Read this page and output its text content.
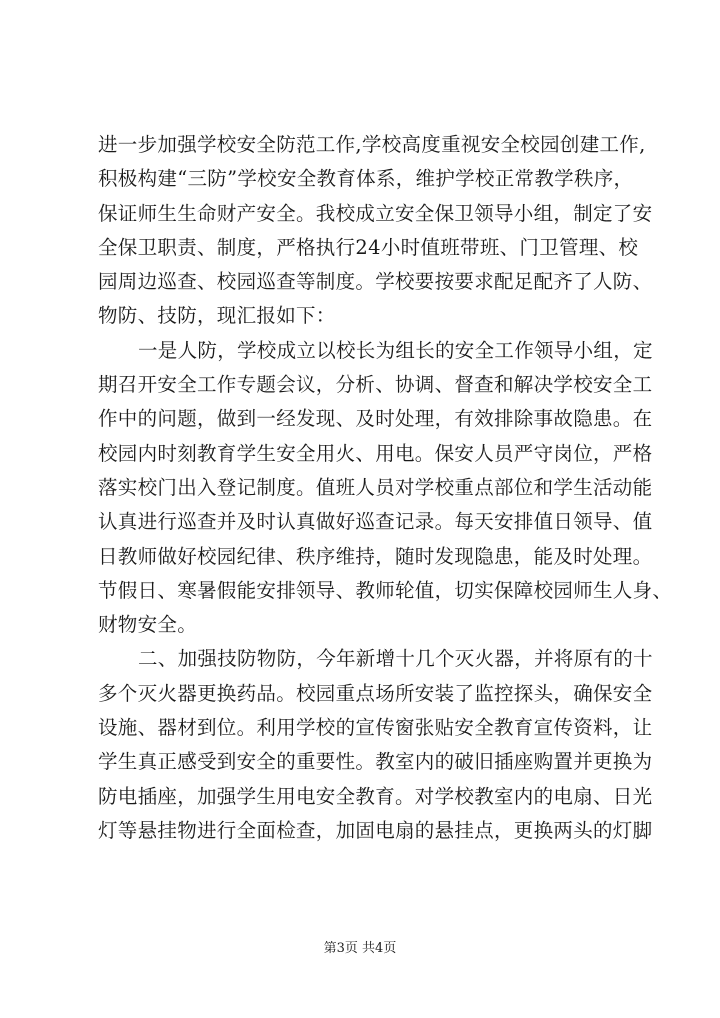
进一步加强学校安全防范工作,学校高度重视安全校园创建工作,
积极构建“三防”学校安全教育体系，维护学校正常教学秩序，
保证师生生命财产安全。我校成立安全保卫领导小组，制定了安
全保卫职责、制度，严格执行24小时值班带班、门卫管理、校
园周边巡查、校园巡查等制度。学校要按要求配足配齐了人防、
物防、技防，现汇报如下：
一是人防，学校成立以校长为组长的安全工作领导小组，定
期召开安全工作专题会议，分析、协调、督查和解决学校安全工
作中的问题，做到一经发现、及时处理，有效排除事故隐患。在
校园内时刻教育学生安全用火、用电。保安人员严守岗位，严格
落实校门出入登记制度。值班人员对学校重点部位和学生活动能
认真进行巡查并及时认真做好巡查记录。每天安排值日领导、值
日教师做好校园纪律、秩序维持，随时发现隐患，能及时处理。
节假日、寒暑假能安排领导、教师轮值，切实保障校园师生人身、
财物安全。
二、加强技防物防，今年新增十几个灭火器，并将原有的十
多个灭火器更换药品。校园重点场所安装了监控探头，确保安全
设施、器材到位。利用学校的宣传窗张贴安全教育宣传资料，让
学生真正感受到安全的重要性。教室内的破旧插座购置并更换为
防电插座，加强学生用电安全教育。对学校教室内的电扇、日光
灯等悬挂物进行全面检查，加固电扇的悬挂点，更换两头的灯脚
第3页 共4页
